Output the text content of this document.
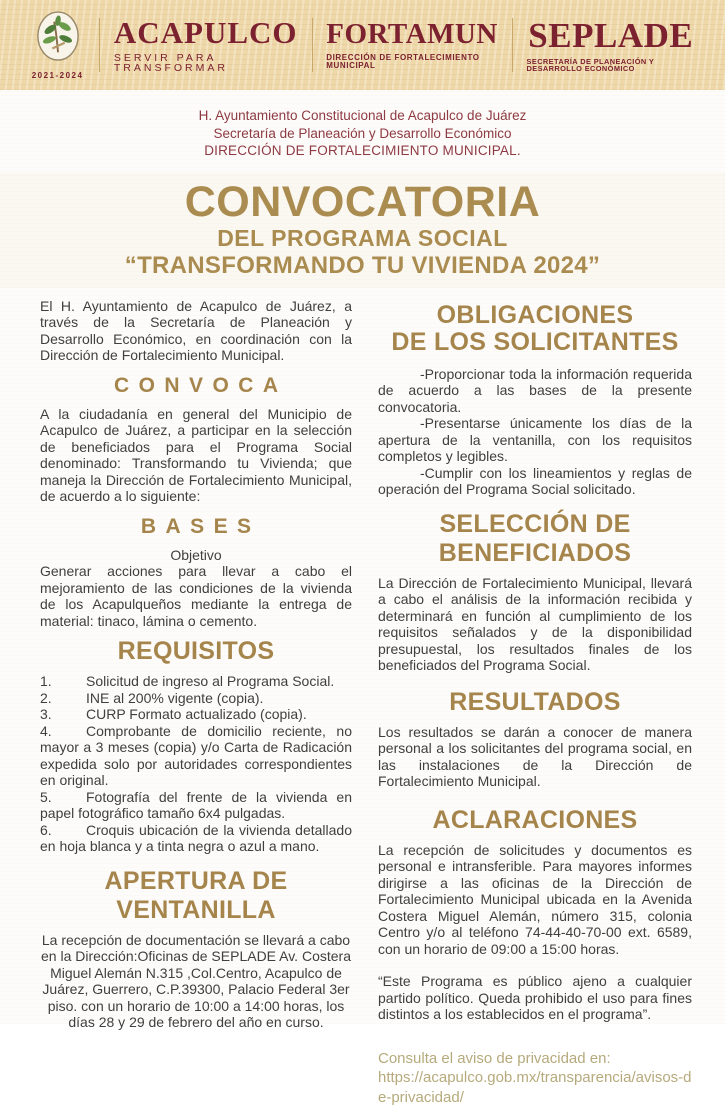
2021-2024
ACAPULCO
SERVIR PARA TRANSFORMAR
FORTAMUN
DIRECCIÓN DE FORTALECIMIENTO MUNICIPAL
SEPLADE
SECRETARÍA DE PLANEACIÓN Y DESARROLLO ECONÓMICO
H. Ayuntamiento Constitucional de Acapulco de Juárez
Secretaría de Planeación y Desarrollo Económico
DIRECCIÓN DE FORTALECIMIENTO MUNICIPAL.
CONVOCATORIA
DEL PROGRAMA SOCIAL
“TRANSFORMANDO TU VIVIENDA 2024”

El H. Ayuntamiento de Acapulco de Juárez, a través de la Secretaría de Planeación y Desarrollo Económico, en coordinación con la Dirección de Fortalecimiento Municipal.

CONVOCA

A la ciudadanía en general del Municipio de Acapulco de Juárez, a participar en la selección de beneficiados para el Programa Social denominado: Transformando tu Vivienda; que maneja la Dirección de Fortalecimiento Municipal, de acuerdo a lo siguiente:

BASES

Objetivo

Generar acciones para llevar a cabo el mejoramiento de las condiciones de la vivienda de los Acapulqueños mediante la entrega de material: tinaco, lámina o cemento.

REQUISITOS

1. Solicitud de ingreso al Programa Social.

2. INE al 200% vigente (copia).

3. CURP Formato actualizado (copia).

4. Comprobante de domicilio reciente, no mayor a 3 meses (copia) y/o Carta de Radicación expedida solo por autoridades correspondientes en original.

5. Fotografía del frente de la vivienda en papel fotográfico tamaño 6x4 pulgadas.

6. Croquis ubicación de la vivienda detallado en hoja blanca y a tinta negra o azul a mano.

APERTURA DE VENTANILLA

La recepción de documentación se llevará a cabo en la Dirección:Oficinas de SEPLADE Av. Costera Miguel Alemán N.315 ,Col.Centro, Acapulco de Juárez, Guerrero, C.P.39300, Palacio Federal 3er piso. con un horario de 10:00 a 14:00 horas, los días 28 y 29 de febrero del año en curso.

OBLIGACIONES
DE LOS SOLICITANTES

-Proporcionar toda la información requerida de acuerdo a las bases de la presente convocatoria.

-Presentarse únicamente los días de la apertura de la ventanilla, con los requisitos completos y legibles.

-Cumplir con los lineamientos y reglas de operación del Programa Social solicitado.

SELECCIÓN DE BENEFICIADOS

La Dirección de Fortalecimiento Municipal, llevará a cabo el análisis de la información recibida y determinará en función al cumplimiento de los requisitos señalados y de la disponibilidad presupuestal, los resultados finales de los beneficiados del Programa Social.

RESULTADOS

Los resultados se darán a conocer de manera personal a los solicitantes del programa social, en las instalaciones de la Dirección de Fortalecimiento Municipal.

ACLARACIONES

La recepción de solicitudes y documentos es personal e intransferible. Para mayores informes dirigirse a las oficinas de la Dirección de Fortalecimiento Municipal ubicada en la Avenida Costera Miguel Alemán, número 315, colonia Centro y/o al teléfono 74-44-40-70-00 ext. 6589, con un horario de 09:00 a 15:00 horas.

“Este Programa es público ajeno a cualquier partido político. Queda prohibido el uso para fines distintos a los establecidos en el programa”.

Consulta el aviso de privacidad en:
https://acapulco.gob.mx/transparencia/avisos-de-privacidad/
